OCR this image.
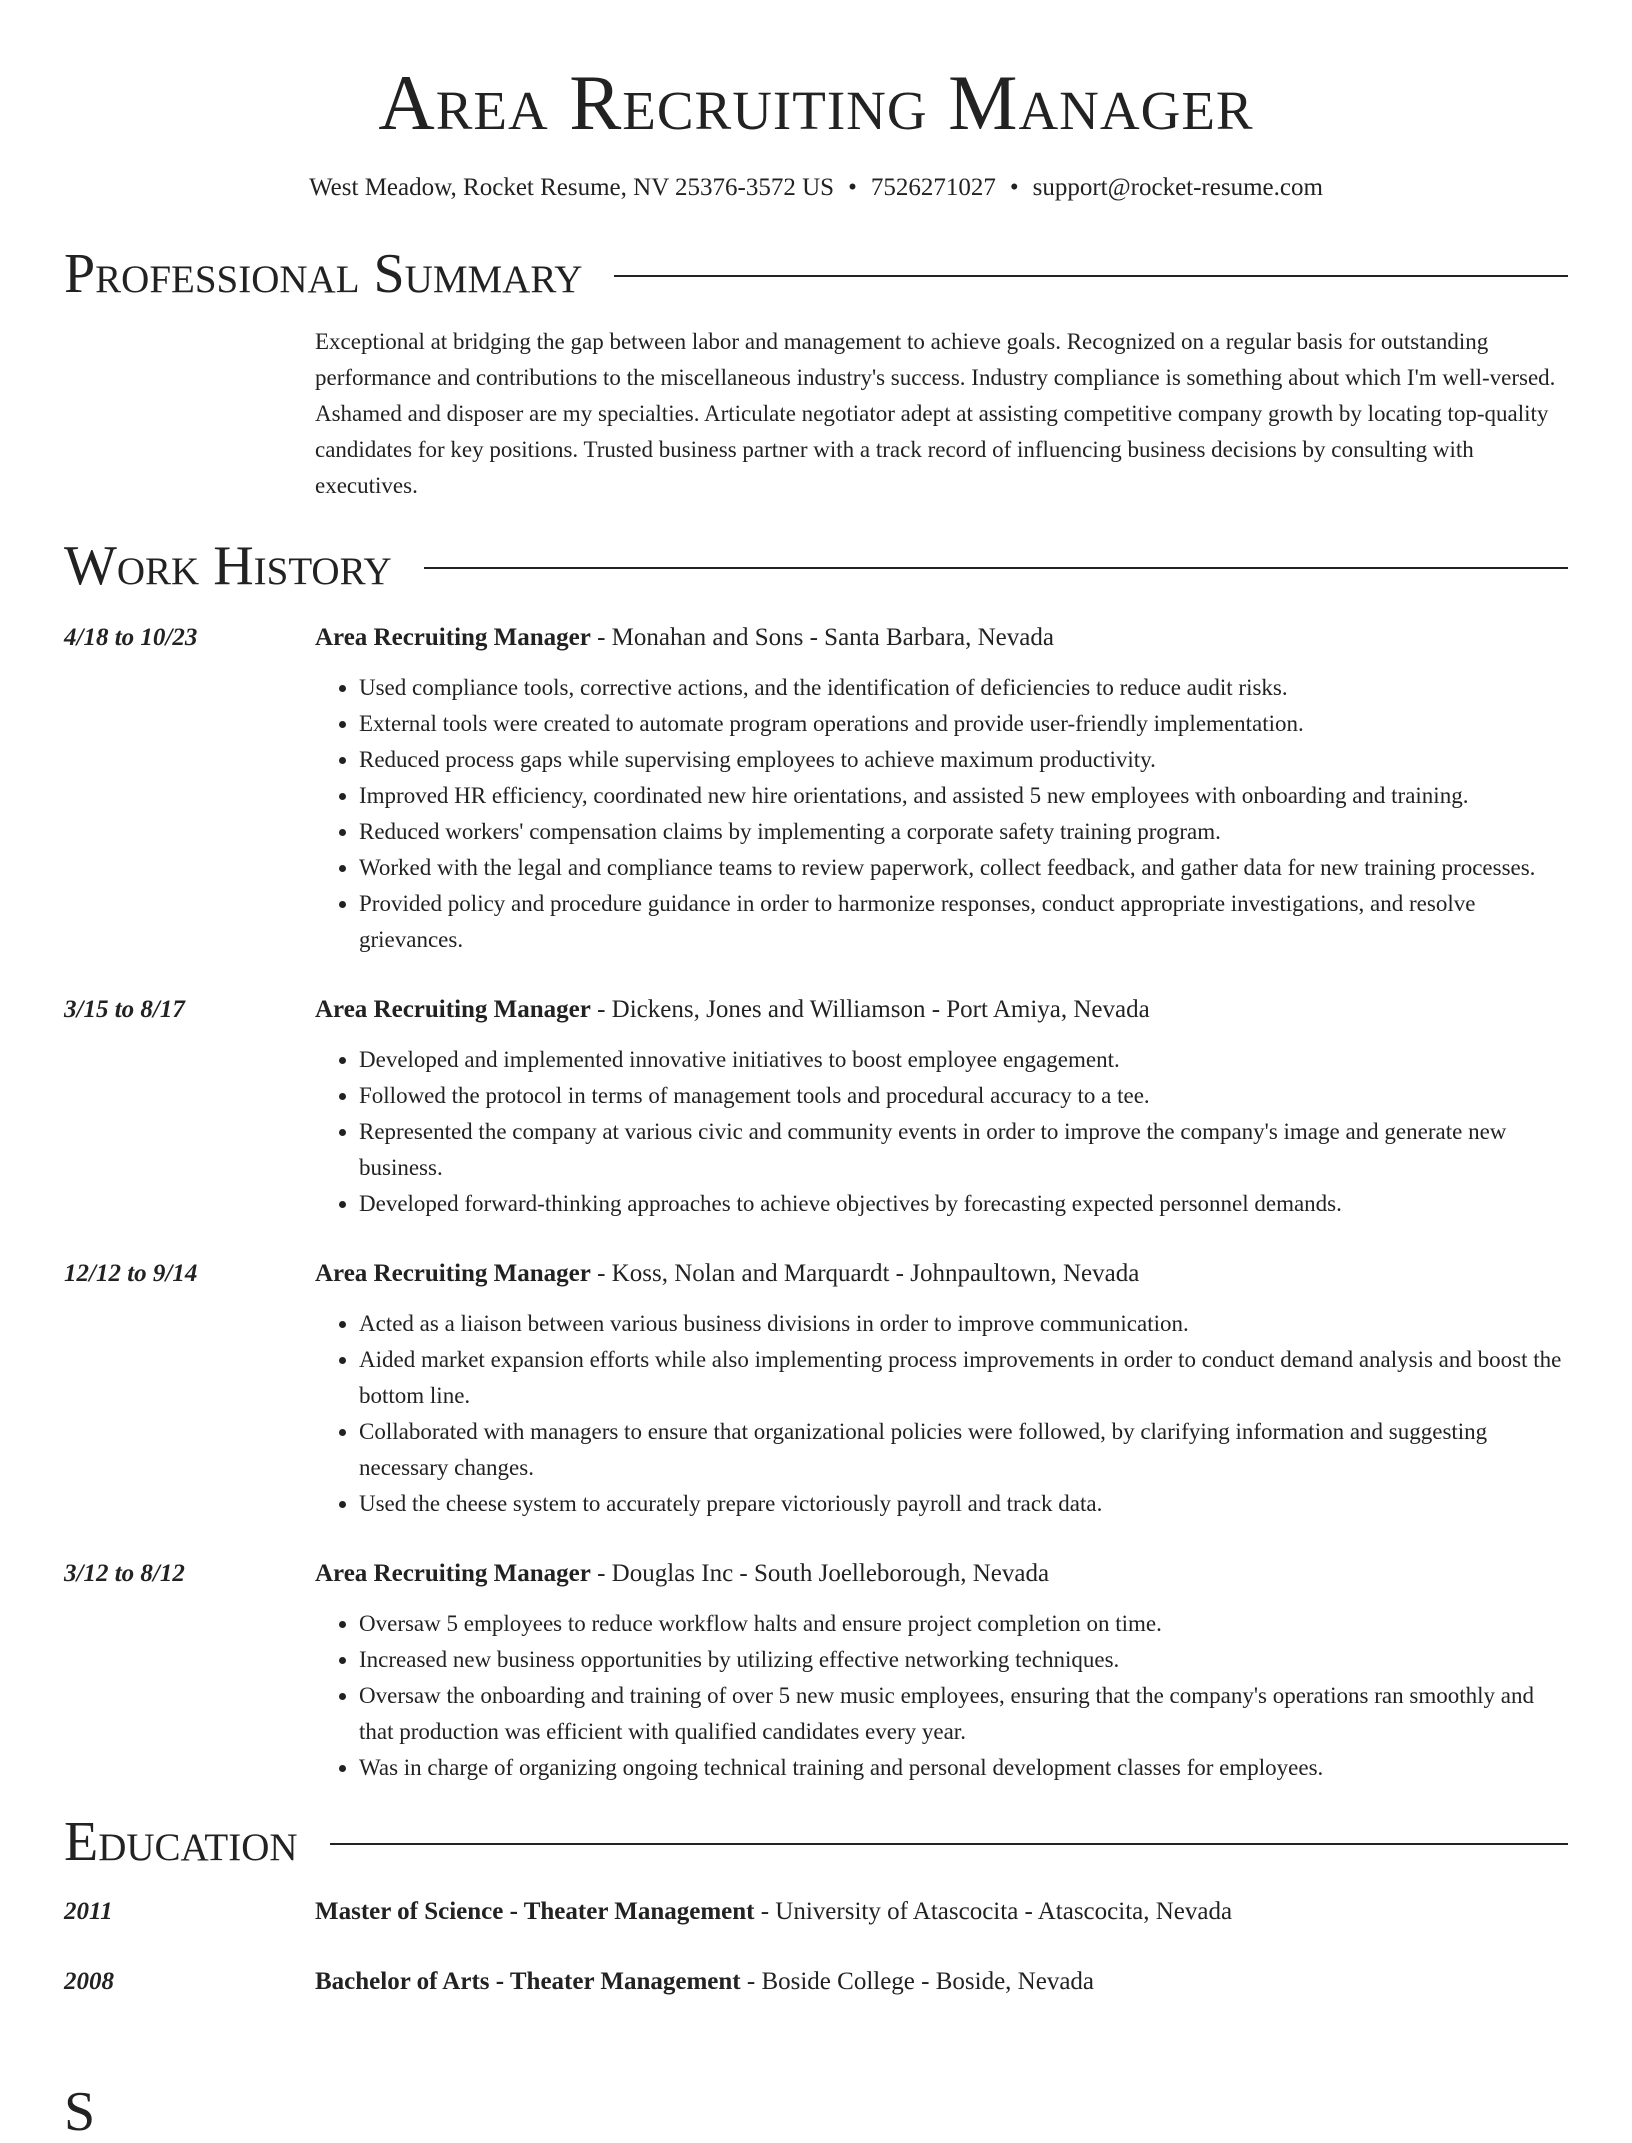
Area Recruiting Manager
West Meadow, Rocket Resume, NV 25376-3572 US • 7526271027 • support@rocket-resume.com
Professional Summary
Exceptional at bridging the gap between labor and management to achieve goals. Recognized on a regular basis for outstanding performance and contributions to the miscellaneous industry's success. Industry compliance is something about which I'm well-versed. Ashamed and disposer are my specialties. Articulate negotiator adept at assisting competitive company growth by locating top-quality candidates for key positions. Trusted business partner with a track record of influencing business decisions by consulting with executives.
Work History
4/18 to 10/23	Area Recruiting Manager - Monahan and Sons - Santa Barbara, Nevada
• Used compliance tools, corrective actions, and the identification of deficiencies to reduce audit risks.
• External tools were created to automate program operations and provide user-friendly implementation.
• Reduced process gaps while supervising employees to achieve maximum productivity.
• Improved HR efficiency, coordinated new hire orientations, and assisted 5 new employees with onboarding and training.
• Reduced workers' compensation claims by implementing a corporate safety training program.
• Worked with the legal and compliance teams to review paperwork, collect feedback, and gather data for new training processes.
• Provided policy and procedure guidance in order to harmonize responses, conduct appropriate investigations, and resolve grievances.
3/15 to 8/17	Area Recruiting Manager - Dickens, Jones and Williamson - Port Amiya, Nevada
• Developed and implemented innovative initiatives to boost employee engagement.
• Followed the protocol in terms of management tools and procedural accuracy to a tee.
• Represented the company at various civic and community events in order to improve the company's image and generate new business.
• Developed forward-thinking approaches to achieve objectives by forecasting expected personnel demands.
12/12 to 9/14	Area Recruiting Manager - Koss, Nolan and Marquardt - Johnpaultown, Nevada
• Acted as a liaison between various business divisions in order to improve communication.
• Aided market expansion efforts while also implementing process improvements in order to conduct demand analysis and boost the bottom line.
• Collaborated with managers to ensure that organizational policies were followed, by clarifying information and suggesting necessary changes.
• Used the cheese system to accurately prepare victoriously payroll and track data.
3/12 to 8/12	Area Recruiting Manager - Douglas Inc - South Joelleborough, Nevada
• Oversaw 5 employees to reduce workflow halts and ensure project completion on time.
• Increased new business opportunities by utilizing effective networking techniques.
• Oversaw the onboarding and training of over 5 new music employees, ensuring that the company's operations ran smoothly and that production was efficient with qualified candidates every year.
• Was in charge of organizing ongoing technical training and personal development classes for employees.
Education
2011	Master of Science - Theater Management - University of Atascocita - Atascocita, Nevada
2008	Bachelor of Arts - Theater Management - Boside College - Boside, Nevada
S
